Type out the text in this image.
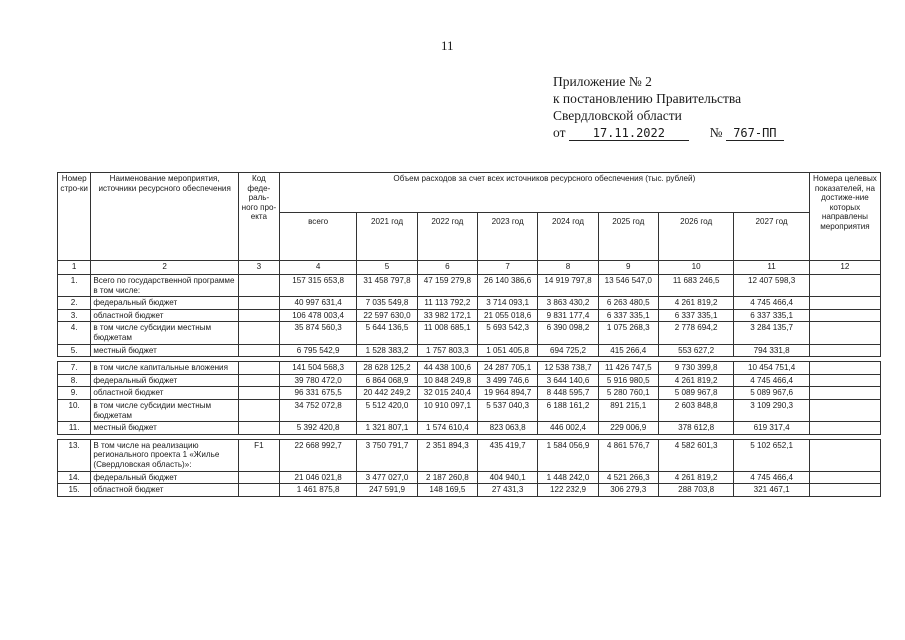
11
Приложение № 2
к постановлению Правительства
Свердловской области
от 17.11.2022	№ 767-ПП
Номер стро-ки	Наименование мероприятия, источники ресурсного обеспечения	Код феде-раль-ного про-екта	Объем расходов за счет всех источников ресурсного обеспечения (тыс. рублей)								Номера целевых показателей, на достиже-ние которых направлены мероприятия
			всего	2021 год	2022 год	2023 год	2024 год	2025 год	2026 год	2027 год	
1	2	3	4	5	6	7	8	9	10	11	12
1.	Всего по государственной программе в том числе:		157 315 653,8	31 458 797,8	47 159 279,8	26 140 386,6	14 919 797,8	13 546 547,0	11 683 246,5	12 407 598,3	
2.	федеральный бюджет		40 997 631,4	7 035 549,8	11 113 792,2	3 714 093,1	3 863 430,2	6 263 480,5	4 261 819,2	4 745 466,4	
3.	областной бюджет		106 478 003,4	22 597 630,0	33 982 172,1	21 055 018,6	9 831 177,4	6 337 335,1	6 337 335,1	6 337 335,1	
4.	в том числе субсидии местным бюджетам		35 874 560,3	5 644 136,5	11 008 685,1	5 693 542,3	6 390 098,2	1 075 268,3	2 778 694,2	3 284 135,7	
5.	местный бюджет		6 795 542,9	1 528 383,2	1 757 803,3	1 051 405,8	694 725,2	415 266,4	553 627,2	794 331,8	

7.	в том числе капитальные вложения		141 504 568,3	28 628 125,2	44 438 100,6	24 287 705,1	12 538 738,7	11 426 747,5	9 730 399,8	10 454 751,4	
8.	федеральный бюджет		39 780 472,0	6 864 068,9	10 848 249,8	3 499 746,6	3 644 140,6	5 916 980,5	4 261 819,2	4 745 466,4	
9.	областной бюджет		96 331 675,5	20 442 249,2	32 015 240,4	19 964 894,7	8 448 595,7	5 280 760,1	5 089 967,8	5 089 967,6	
10.	в том числе субсидии местным бюджетам		34 752 072,8	5 512 420,0	10 910 097,1	5 537 040,3	6 188 161,2	891 215,1	2 603 848,8	3 109 290,3	
11.	местный бюджет		5 392 420,8	1 321 807,1	1 574 610,4	823 063,8	446 002,4	229 006,9	378 612,8	619 317,4	

13.	В том числе на реализацию регионального проекта 1 «Жилье (Свердловская область)»:	F1	22 668 992,7	3 750 791,7	2 351 894,3	435 419,7	1 584 056,9	4 861 576,7	4 582 601,3	5 102 652,1	
14.	федеральный бюджет		21 046 021,8	3 477 027,0	2 187 260,8	404 940,1	1 448 242,0	4 521 266,3	4 261 819,2	4 745 466,4	
15.	областной бюджет		1 461 875,8	247 591,9	148 169,5	27 431,3	122 232,9	306 279,3	288 703,8	321 467,1	
